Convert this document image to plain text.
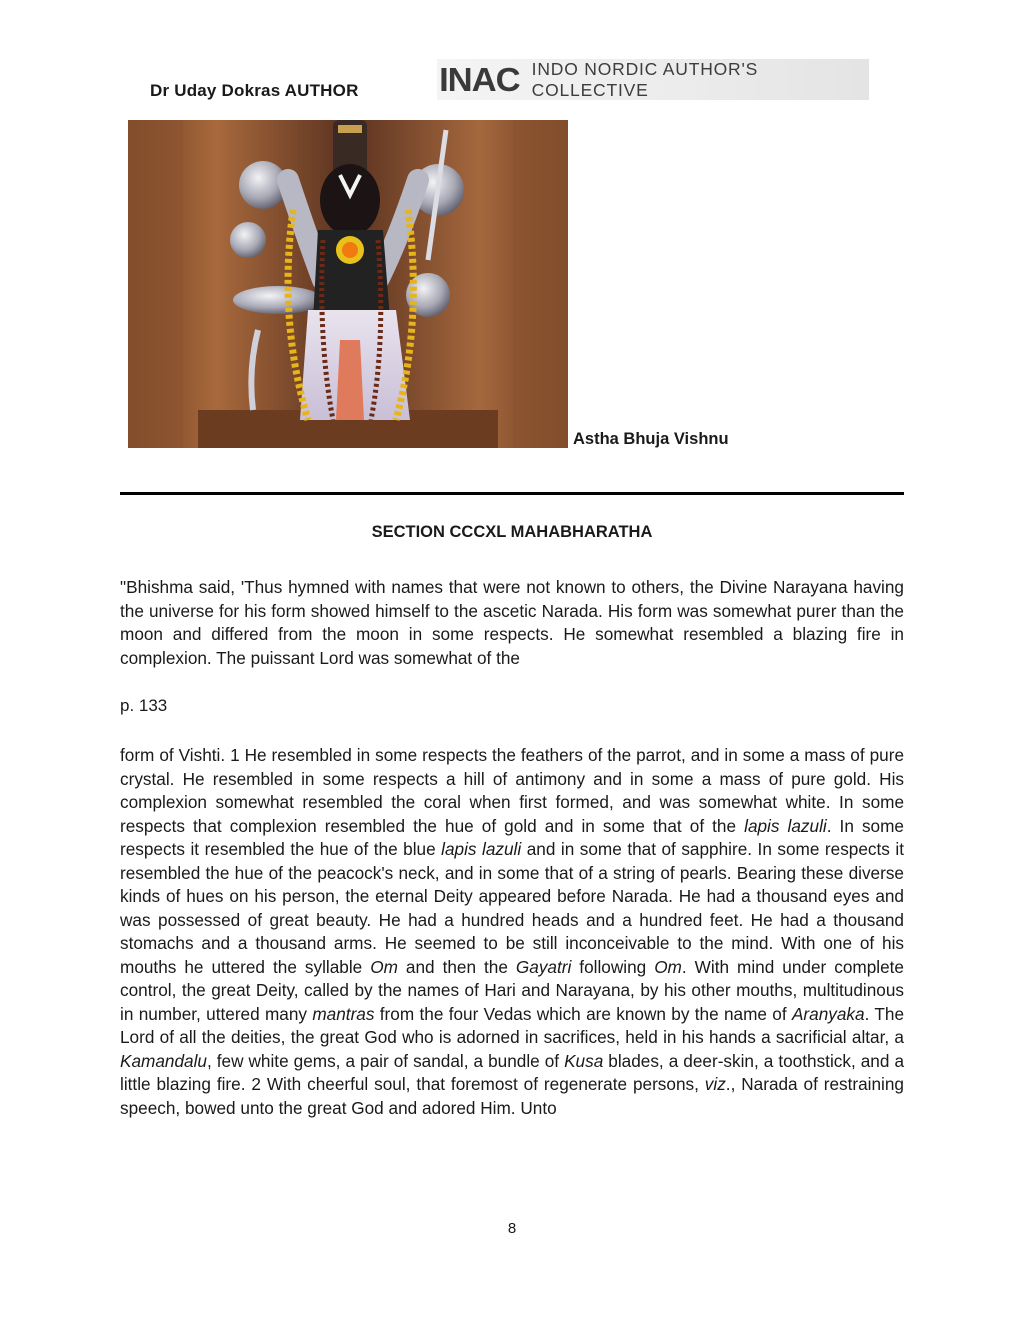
Dr Uday Dokras AUTHOR INAC INDO NORDIC AUTHOR'S COLLECTIVE
Astha Bhuja Vishnu
SECTION CCCXL MAHABHARATHA

"Bhishma said, 'Thus hymned with names that were not known to others, the Divine Narayana having the universe for his form showed himself to the ascetic Narada. His form was somewhat purer than the moon and differed from the moon in some respects. He somewhat resembled a blazing fire in complexion. The puissant Lord was somewhat of the

p. 133

form of Vishti. 1 He resembled in some respects the feathers of the parrot, and in some a mass of pure crystal. He resembled in some respects a hill of antimony and in some a mass of pure gold. His complexion somewhat resembled the coral when first formed, and was somewhat white. In some respects that complexion resembled the hue of gold and in some that of the lapis lazuli. In some respects it resembled the hue of the blue lapis lazuli and in some that of sapphire. In some respects it resembled the hue of the peacock's neck, and in some that of a string of pearls. Bearing these diverse kinds of hues on his person, the eternal Deity appeared before Narada. He had a thousand eyes and was possessed of great beauty. He had a hundred heads and a hundred feet. He had a thousand stomachs and a thousand arms. He seemed to be still inconceivable to the mind. With one of his mouths he uttered the syllable Om and then the Gayatri following Om. With mind under complete control, the great Deity, called by the names of Hari and Narayana, by his other mouths, multitudinous in number, uttered many mantras from the four Vedas which are known by the name of Aranyaka. The Lord of all the deities, the great God who is adorned in sacrifices, held in his hands a sacrificial altar, a Kamandalu, few white gems, a pair of sandal, a bundle of Kusa blades, a deer-skin, a toothstick, and a little blazing fire. 2 With cheerful soul, that foremost of regenerate persons, viz., Narada of restraining speech, bowed unto the great God and adored Him. Unto

8
